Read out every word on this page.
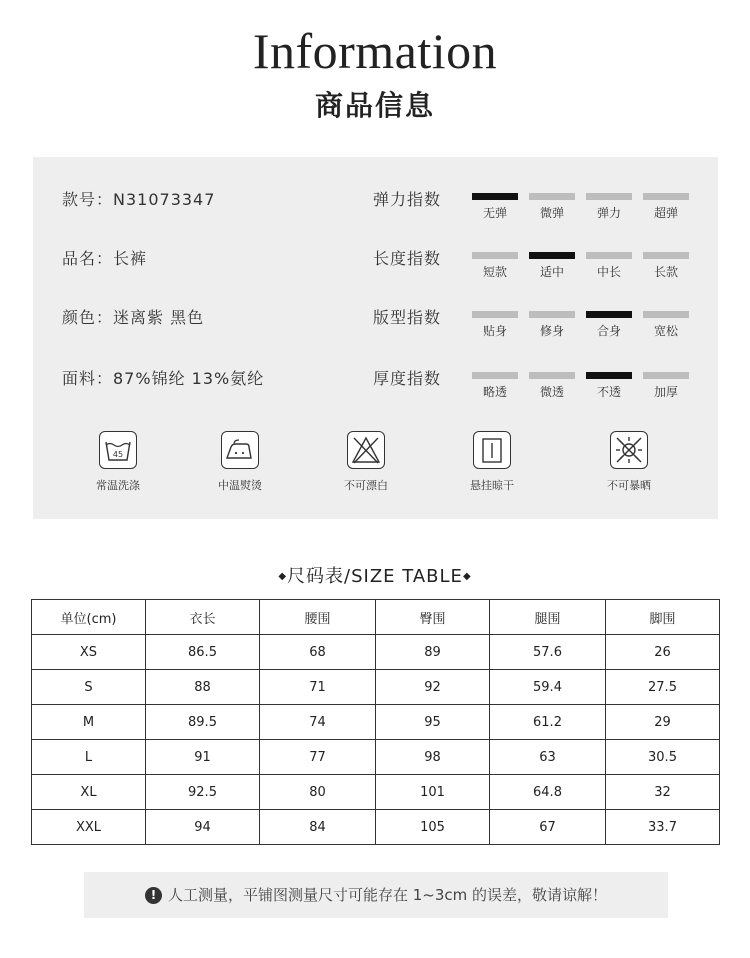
Information
商品信息
款号：N31073347
品名：长裤
颜色：迷离紫 黑色
面料：87%锦纶 13%氨纶
弹力指数
无弹	微弹	弹力	超弹
长度指数
短款	适中	中长	长款
版型指数
贴身	修身	合身	宽松
厚度指数
略透	微透	不透	加厚
45
常温洗涤	中温熨烫	不可漂白	悬挂晾干	不可暴晒
◆尺码表/SIZE TABLE◆
单位(cm)	衣长	腰围	臀围	腿围	脚围
XS	86.5	68	89	57.6	26
S	88	71	92	59.4	27.5
M	89.5	74	95	61.2	29
L	91	77	98	63	30.5
XL	92.5	80	101	64.8	32
XXL	94	84	105	67	33.7
! 人工测量，平铺图测量尺寸可能存在 1~3cm 的误差，敬请谅解！
